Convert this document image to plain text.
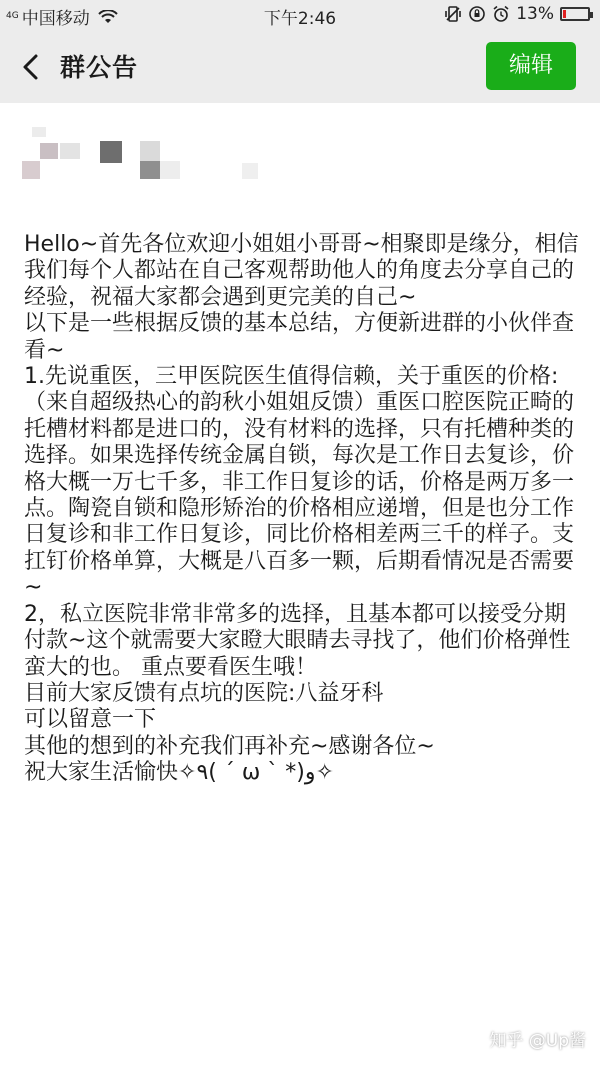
4G 中国移动	下午2:46	13%
群公告	编辑
Hello~首先各位欢迎小姐姐小哥哥~相聚即是缘分，相信我们每个人都站在自己客观帮助他人的角度去分享自己的经验，祝福大家都会遇到更完美的自己~
以下是一些根据反馈的基本总结，方便新进群的小伙伴查看~
1.先说重医，三甲医院医生值得信赖，关于重医的价格:（来自超级热心的韵秋小姐姐反馈）重医口腔医院正畸的托槽材料都是进口的，没有材料的选择，只有托槽种类的选择。如果选择传统金属自锁，每次是工作日去复诊，价格大概一万七千多，非工作日复诊的话，价格是两万多一点。陶瓷自锁和隐形矫治的价格相应递增，但是也分工作日复诊和非工作日复诊，同比价格相差两三千的样子。支扛钉价格单算，大概是八百多一颗，后期看情况是否需要~
2，私立医院非常非常多的选择，且基本都可以接受分期付款~这个就需要大家瞪大眼睛去寻找了，他们价格弹性蛮大的也。 重点要看医生哦！
目前大家反馈有点坑的医院:八益牙科
可以留意一下
其他的想到的补充我们再补充~感谢各位~
祝大家生活愉快✧٩( ˊ ω ˋ *)و✧
知乎 @Up酱
